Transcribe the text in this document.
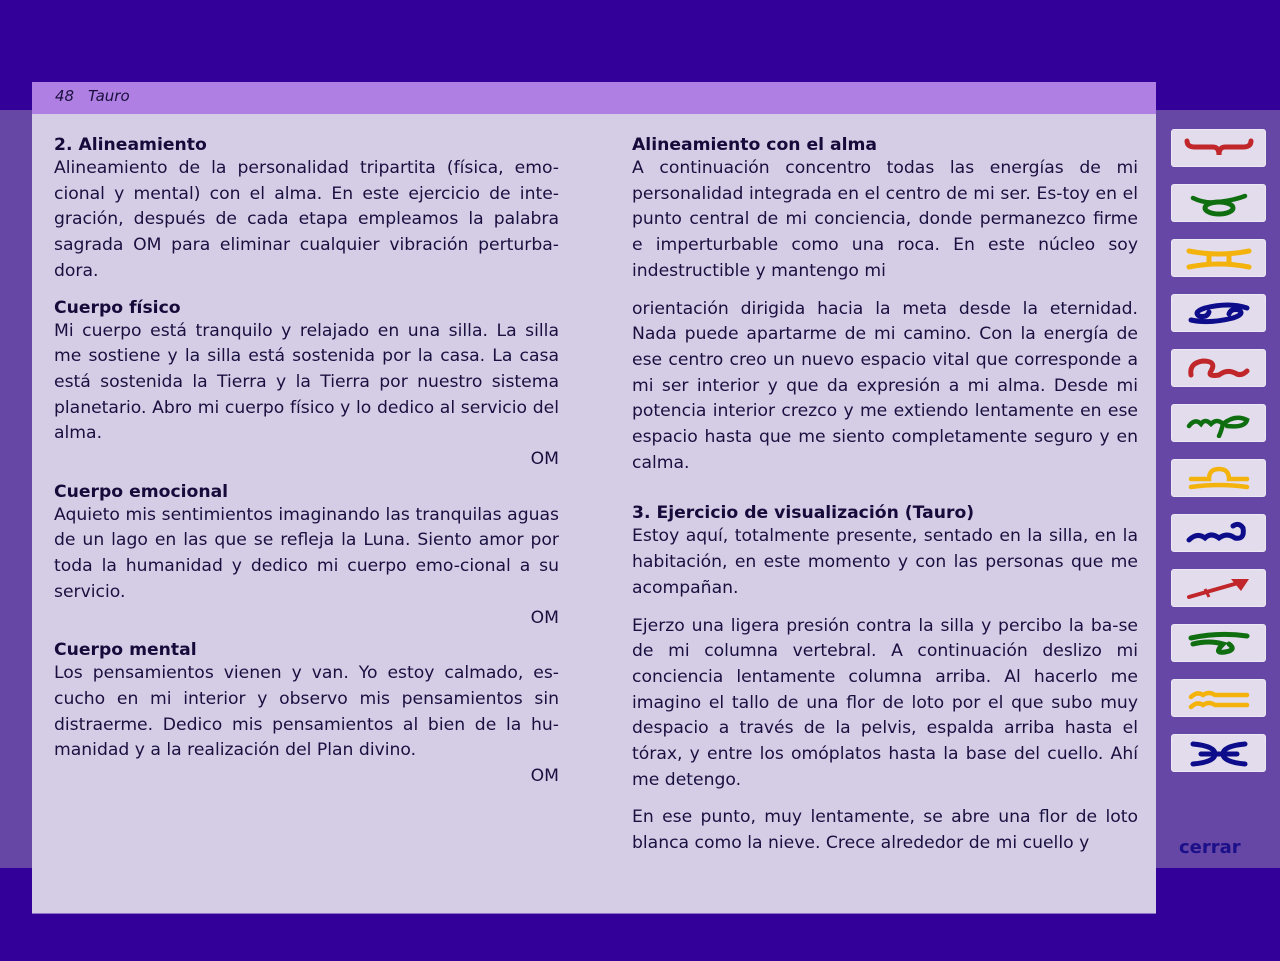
48 Tauro
2. Alineamiento

Alineamiento de la personalidad tripartita (física, emo-cional y mental) con el alma. En este ejercicio de inte-gración, después de cada etapa empleamos la palabra sagrada OM para eliminar cualquier vibración perturba-dora.

Cuerpo físico

Mi cuerpo está tranquilo y relajado en una silla. La silla me sostiene y la silla está sostenida por la casa. La casa está sostenida la Tierra y la Tierra por nuestro sistema planetario. Abro mi cuerpo físico y lo dedico al servicio del alma.

OM
Cuerpo emocional

Aquieto mis sentimientos imaginando las tranquilas aguas de un lago en las que se refleja la Luna. Siento amor por toda la humanidad y dedico mi cuerpo emo-cional a su servicio.

OM
Cuerpo mental

Los pensamientos vienen y van. Yo estoy calmado, es-cucho en mi interior y observo mis pensamientos sin distraerme. Dedico mis pensamientos al bien de la hu-manidad y a la realización del Plan divino.

OM
Alineamiento con el alma

A continuación concentro todas las energías de mi personalidad integrada en el centro de mi ser. Es-toy en el punto central de mi conciencia, donde permanezco firme e imperturbable como una roca. En este núcleo soy indestructible y mantengo mi

orientación dirigida hacia la meta desde la eternidad. Nada puede apartarme de mi camino. Con la energía de ese centro creo un nuevo espacio vital que corresponde a mi ser interior y que da expresión a mi alma. Desde mi potencia interior crezco y me extiendo lentamente en ese espacio hasta que me siento completamente seguro y en calma.

3. Ejercicio de visualización (Tauro)

Estoy aquí, totalmente presente, sentado en la silla, en la habitación, en este momento y con las personas que me acompañan.

Ejerzo una ligera presión contra la silla y percibo la ba-se de mi columna vertebral. A continuación deslizo mi conciencia lentamente columna arriba. Al hacerlo me imagino el tallo de una flor de loto por el que subo muy despacio a través de la pelvis, espalda arriba hasta el tórax, y entre los omóplatos hasta la base del cuello. Ahí me detengo.

En ese punto, muy lentamente, se abre una flor de loto blanca como la nieve. Crece alrededor de mi cuello y	cerrar
